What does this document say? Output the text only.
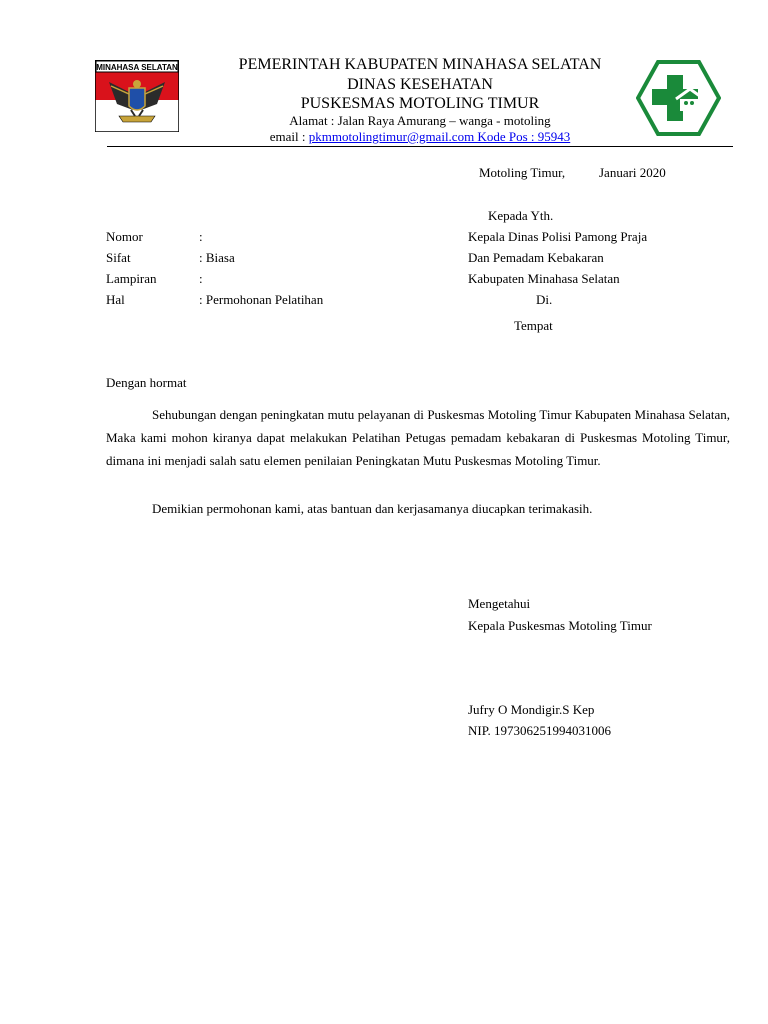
MINAHASA SELATAN	PEMERINTAH KABUPATEN MINAHASA SELATAN
DINAS KESEHATAN
PUSKESMAS MOTOLING TIMUR
Alamat : Jalan Raya Amurang – wanga - motoling
email : pkmmotolingtimur@gmail.com Kode Pos : 95943
Motoling Timur,	Januari 2020
Kepada Yth.
Kepala Dinas Polisi Pamong Praja
Dan Pemadam Kebakaran
Kabupaten Minahasa Selatan
Di.
Tempat
Nomor	:
Sifat	: Biasa
Lampiran	:
Hal	: Permohonan Pelatihan
Dengan hormat
Sehubungan dengan peningkatan mutu pelayanan di Puskesmas Motoling Timur Kabupaten Minahasa Selatan, Maka kami mohon kiranya dapat melakukan Pelatihan Petugas pemadam kebakaran di Puskesmas Motoling Timur, dimana ini menjadi salah satu elemen penilaian Peningkatan Mutu Puskesmas Motoling Timur.
Demikian permohonan kami, atas bantuan dan kerjasamanya diucapkan terimakasih.
Mengetahui
Kepala Puskesmas Motoling Timur
Jufry O Mondigir.S Kep
NIP. 197306251994031006
